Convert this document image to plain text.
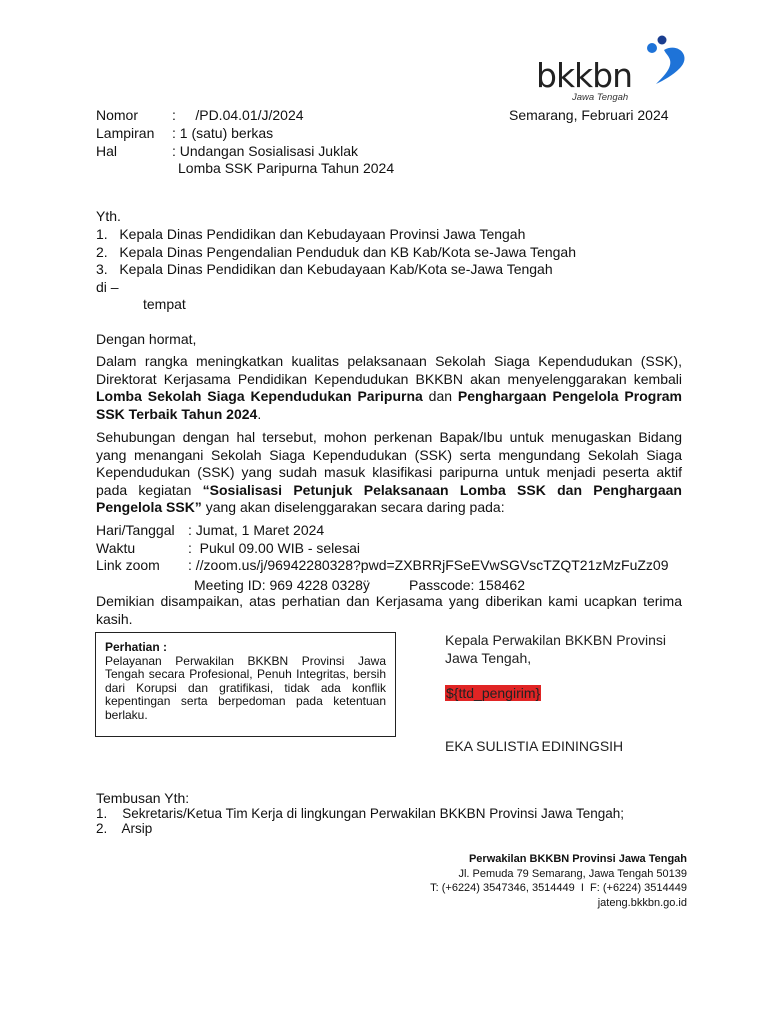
bkkbn
Jawa Tengah
Nomor :     /PD.04.01/J/2024	Semarang, Februari 2024
Lampiran : 1 (satu) berkas
Hal	: Undangan Sosialisasi Juklak
Lomba SSK Paripurna Tahun 2024
Yth.
1.   Kepala Dinas Pendidikan dan Kebudayaan Provinsi Jawa Tengah
2.   Kepala Dinas Pengendalian Penduduk dan KB Kab/Kota se-Jawa Tengah
3.   Kepala Dinas Pendidikan dan Kebudayaan Kab/Kota se-Jawa Tengah
di –
tempat
Dengan hormat,
Dalam rangka meningkatkan kualitas pelaksanaan Sekolah Siaga Kependudukan (SSK), Direktorat Kerjasama Pendidikan Kependudukan BKKBN akan menyelenggarakan kembali Lomba Sekolah Siaga Kependudukan Paripurna dan Penghargaan Pengelola Program SSK Terbaik Tahun 2024.
Sehubungan dengan hal tersebut, mohon perkenan Bapak/Ibu untuk menugaskan Bidang yang menangani Sekolah Siaga Kependudukan (SSK) serta mengundang Sekolah Siaga Kependudukan (SSK) yang sudah masuk klasifikasi paripurna untuk menjadi peserta aktif pada kegiatan “Sosialisasi Petunjuk Pelaksanaan Lomba SSK dan Penghargaan Pengelola SSK” yang akan diselenggarakan secara daring pada:
Hari/Tanggal : Jumat, 1 Maret 2024
Waktu	:  Pukul 09.00 WIB - selesai
Link zoom : //zoom.us/j/96942280328?pwd=ZXBRRjFSeEVwSGVscTZQT21zMzFuZz09
Meeting ID: 969 4228 0328ÿ	Passcode: 158462
Demikian disampaikan, atas perhatian dan Kerjasama yang diberikan kami ucapkan terima kasih.
Perhatian :
Pelayanan Perwakilan BKKBN Provinsi Jawa Tengah secara Profesional, Penuh Integritas, bersih dari Korupsi dan gratifikasi, tidak ada konflik kepentingan serta berpedoman pada ketentuan berlaku.
Kepala Perwakilan BKKBN Provinsi
Jawa Tengah,
${ttd_pengirim}
EKA SULISTIA EDININGSIH
Tembusan Yth:
1.    Sekretaris/Ketua Tim Kerja di lingkungan Perwakilan BKKBN Provinsi Jawa Tengah;
2.    Arsip
Perwakilan BKKBN Provinsi Jawa Tengah
Jl. Pemuda 79 Semarang, Jawa Tengah 50139
T: (+6224) 3547346, 3514449  I  F: (+6224) 3514449
jateng.bkkbn.go.id
